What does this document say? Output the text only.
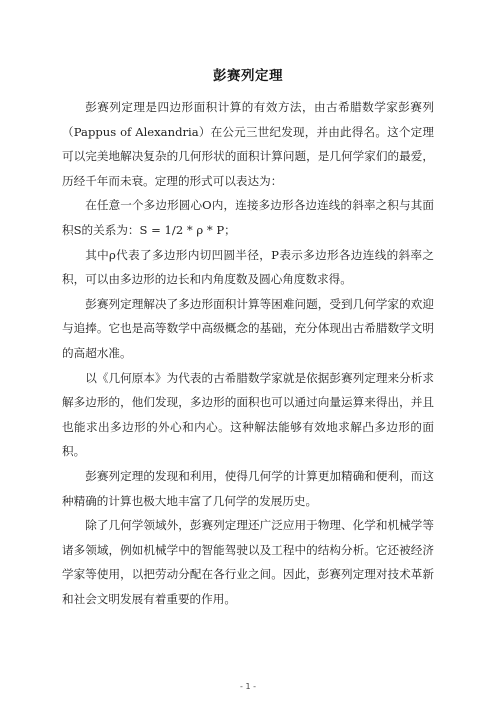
彭赛列定理

彭赛列定理是四边形面积计算的有效方法，由古希腊数学家彭赛列（Pappus of Alexandria）在公元三世纪发现，并由此得名。这个定理可以完美地解决复杂的几何形状的面积计算问题，是几何学家们的最爱，历经千年而未衰。定理的形式可以表达为：

在任意一个多边形圆心O内，连接多边形各边连线的斜率之积与其面积S的关系为：S = 1/2 * ρ * P；

其中ρ代表了多边形内切凹圆半径，P表示多边形各边连线的斜率之积，可以由多边形的边长和内角度数及圆心角度数求得。

彭赛列定理解决了多边形面积计算等困难问题，受到几何学家的欢迎与追捧。它也是高等数学中高级概念的基础，充分体现出古希腊数学文明的高超水准。

以《几何原本》为代表的古希腊数学家就是依据彭赛列定理来分析求解多边形的，他们发现，多边形的面积也可以通过向量运算来得出，并且也能求出多边形的外心和内心。这种解法能够有效地求解凸多边形的面积。

彭赛列定理的发现和利用，使得几何学的计算更加精确和便利，而这种精确的计算也极大地丰富了几何学的发展历史。

除了几何学领域外，彭赛列定理还广泛应用于物理、化学和机械学等诸多领域，例如机械学中的智能驾驶以及工程中的结构分析。它还被经济学家等使用，以把劳动分配在各行业之间。因此，彭赛列定理对技术革新和社会文明发展有着重要的作用。

- 1 -
